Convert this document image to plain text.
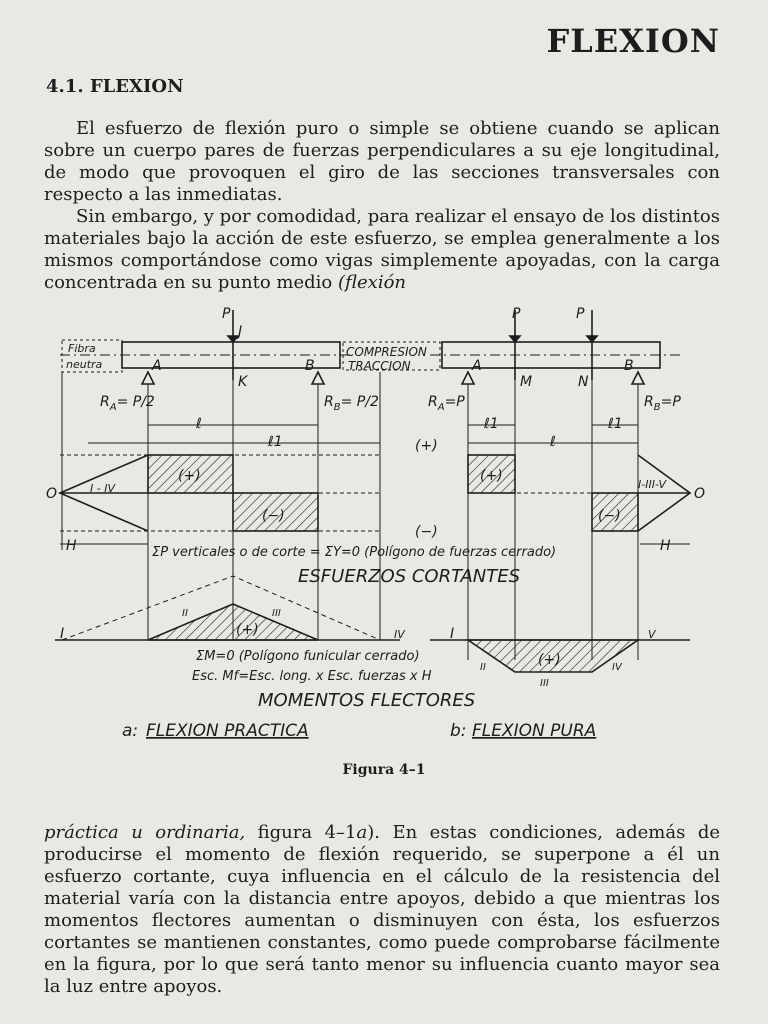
FLEXION
4.1. FLEXION
El esfuerzo de flexión puro o simple se obtiene cuando se aplican sobre un cuerpo pares de fuerzas perpendiculares a su eje longitudinal, de modo que provoquen el giro de las secciones transversales con respecto a las inmediatas.
Sin embargo, y por comodidad, para realizar el ensayo de los distintos materiales bajo la acción de este esfuerzo, se emplea generalmente a los mismos comportándose como vigas simplemente apoyadas, con la carga concentrada en su punto medio (flexión
Fibra
neutra
COMPRESION
TRACCION
P
J
K
A	B
$R_A= P/2$	$R_B= P/2$
ℓ
ℓ1
(+)
(−)
O
H
I - IV
(+)
(−)
P	P
A	B
M	N
$R_A=P$	$R_B=P$
ℓ
ℓ1	ℓ1
(+)
(−)
O
H
I-III-V
ΣP verticales o de corte = ΣY=0 (Polígono de fuerzas cerrado)
ESFUERZOS CORTANTES
I	IV
II	III
(+)	I	V
II
III
IV
(+)
ΣM=0 (Polígono funicular cerrado)
Esc. Mf=Esc. long. x Esc. fuerzas x H
MOMENTOS FLECTORES
a: FLEXION PRACTICA	b: FLEXION PURA
Figura 4–1
práctica u ordinaria, figura 4–1a). En estas condiciones, además de producirse el momento de flexión requerido, se superpone a él un esfuerzo cortante, cuya influencia en el cálculo de la resistencia del material varía con la distancia entre apoyos, debido a que mientras los momentos flectores aumentan o disminuyen con ésta, los esfuerzos cortantes se mantienen constantes, como puede comprobarse fácilmente en la figura, por lo que será tanto menor su influencia cuanto mayor sea la luz entre apoyos.
